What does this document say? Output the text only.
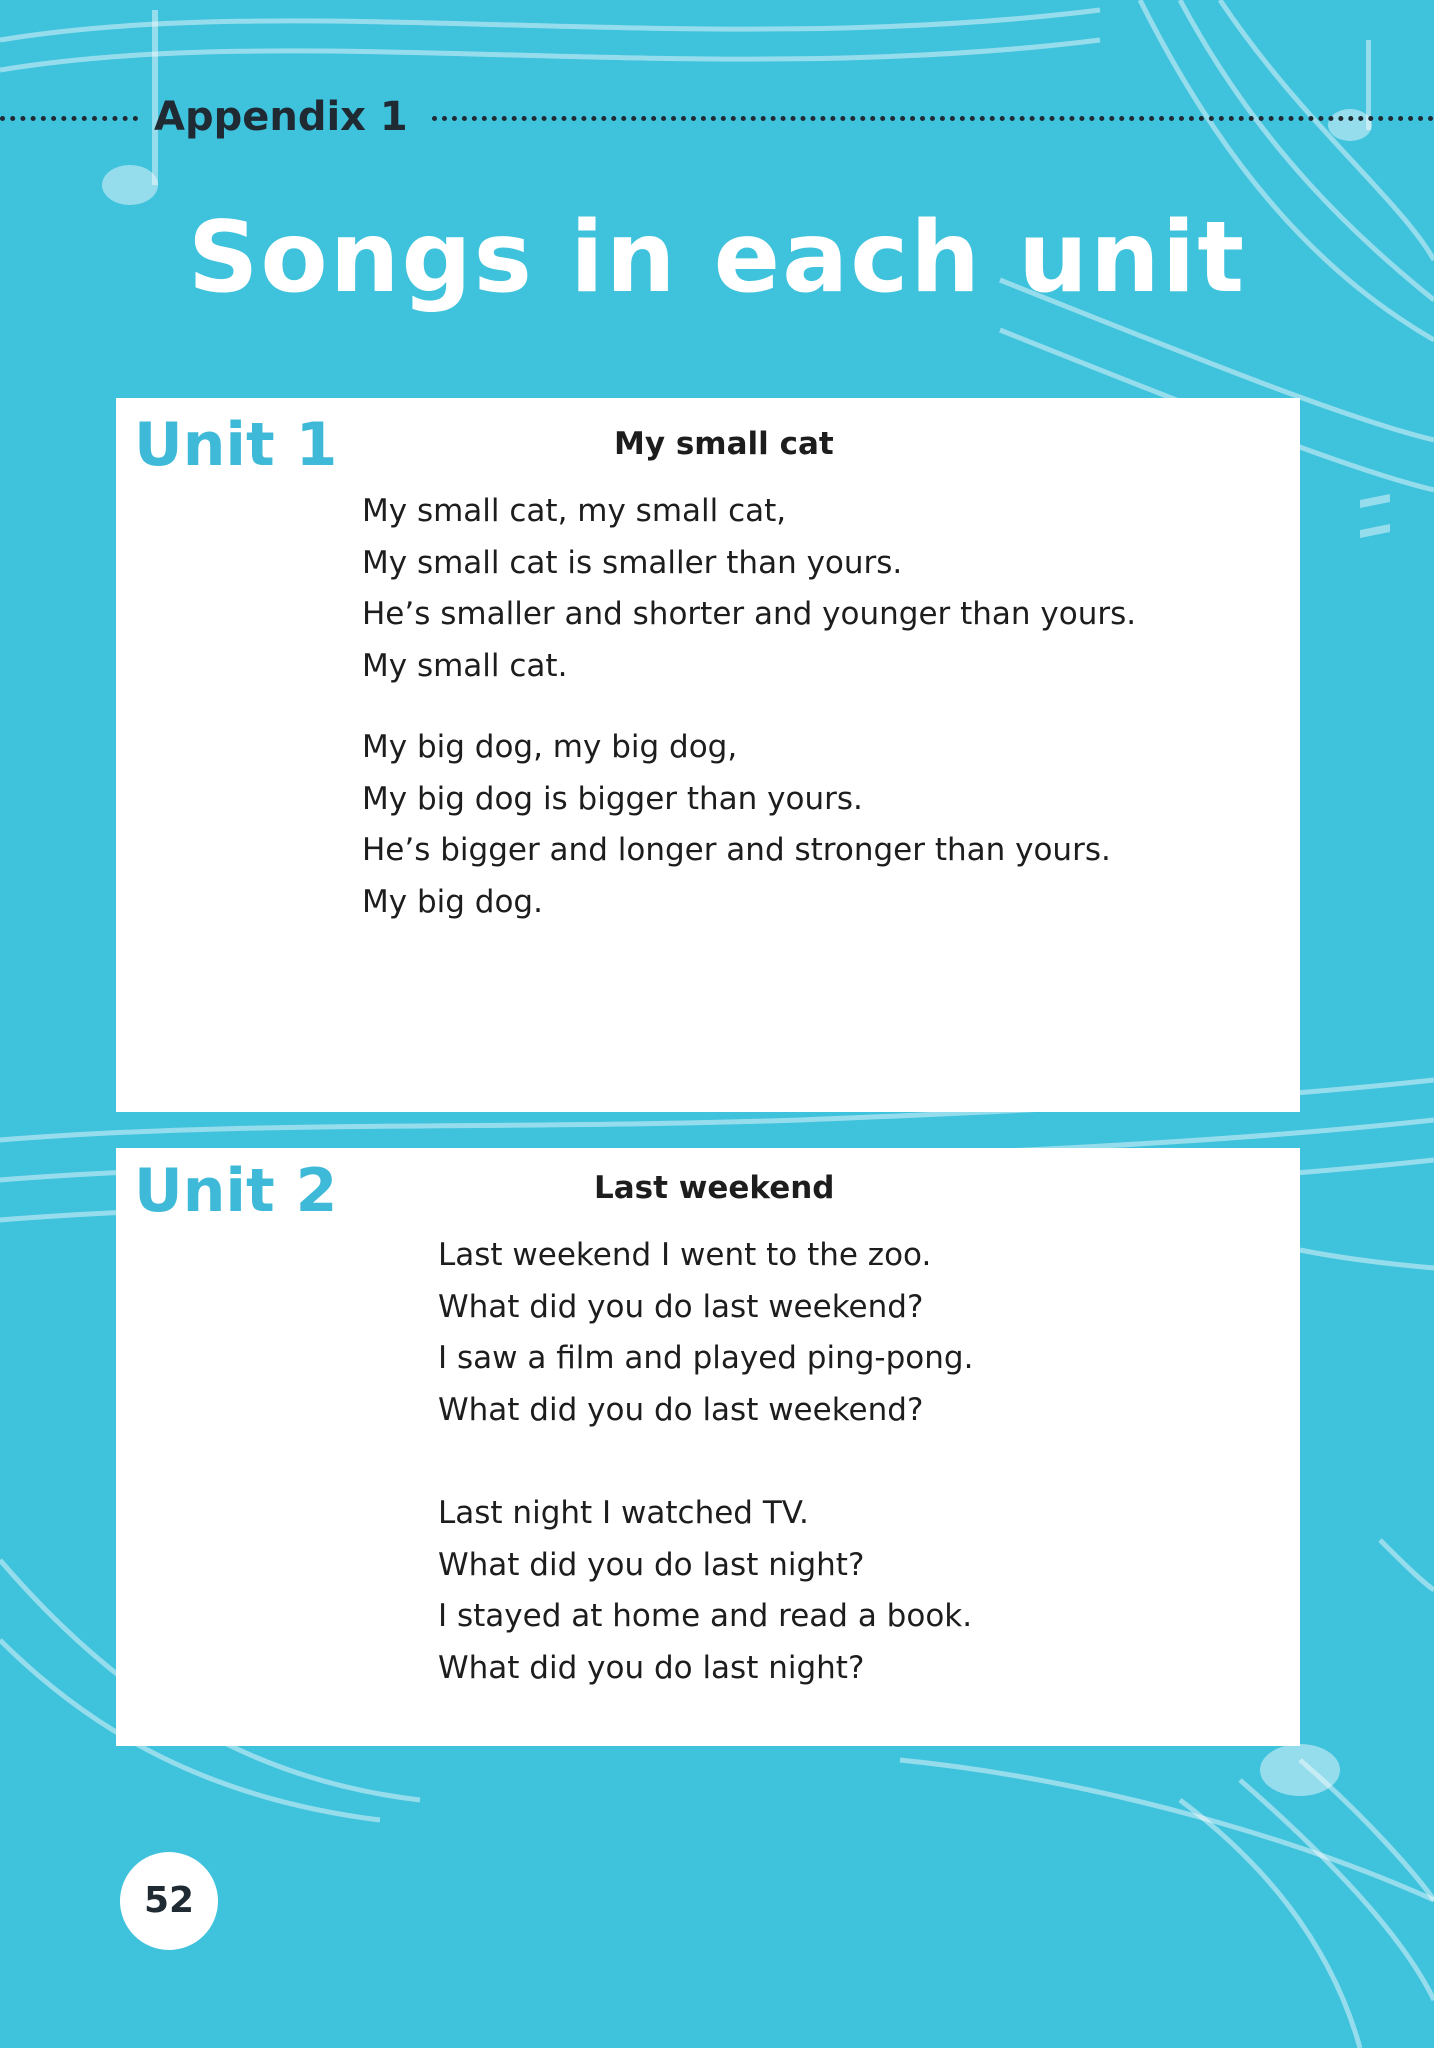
Appendix 1
Songs in each unit
Unit 1	My small cat
My small cat, my small cat,
My small cat is smaller than yours.
He’s smaller and shorter and younger than yours.
My small cat.
My big dog, my big dog,
My big dog is bigger than yours.
He’s bigger and longer and stronger than yours.
My big dog.
Unit 2	Last weekend
Last weekend I went to the zoo.
What did you do last weekend?
I saw a film and played ping-pong.
What did you do last weekend?
Last night I watched TV.
What did you do last night?
I stayed at home and read a book.
What did you do last night?
52
